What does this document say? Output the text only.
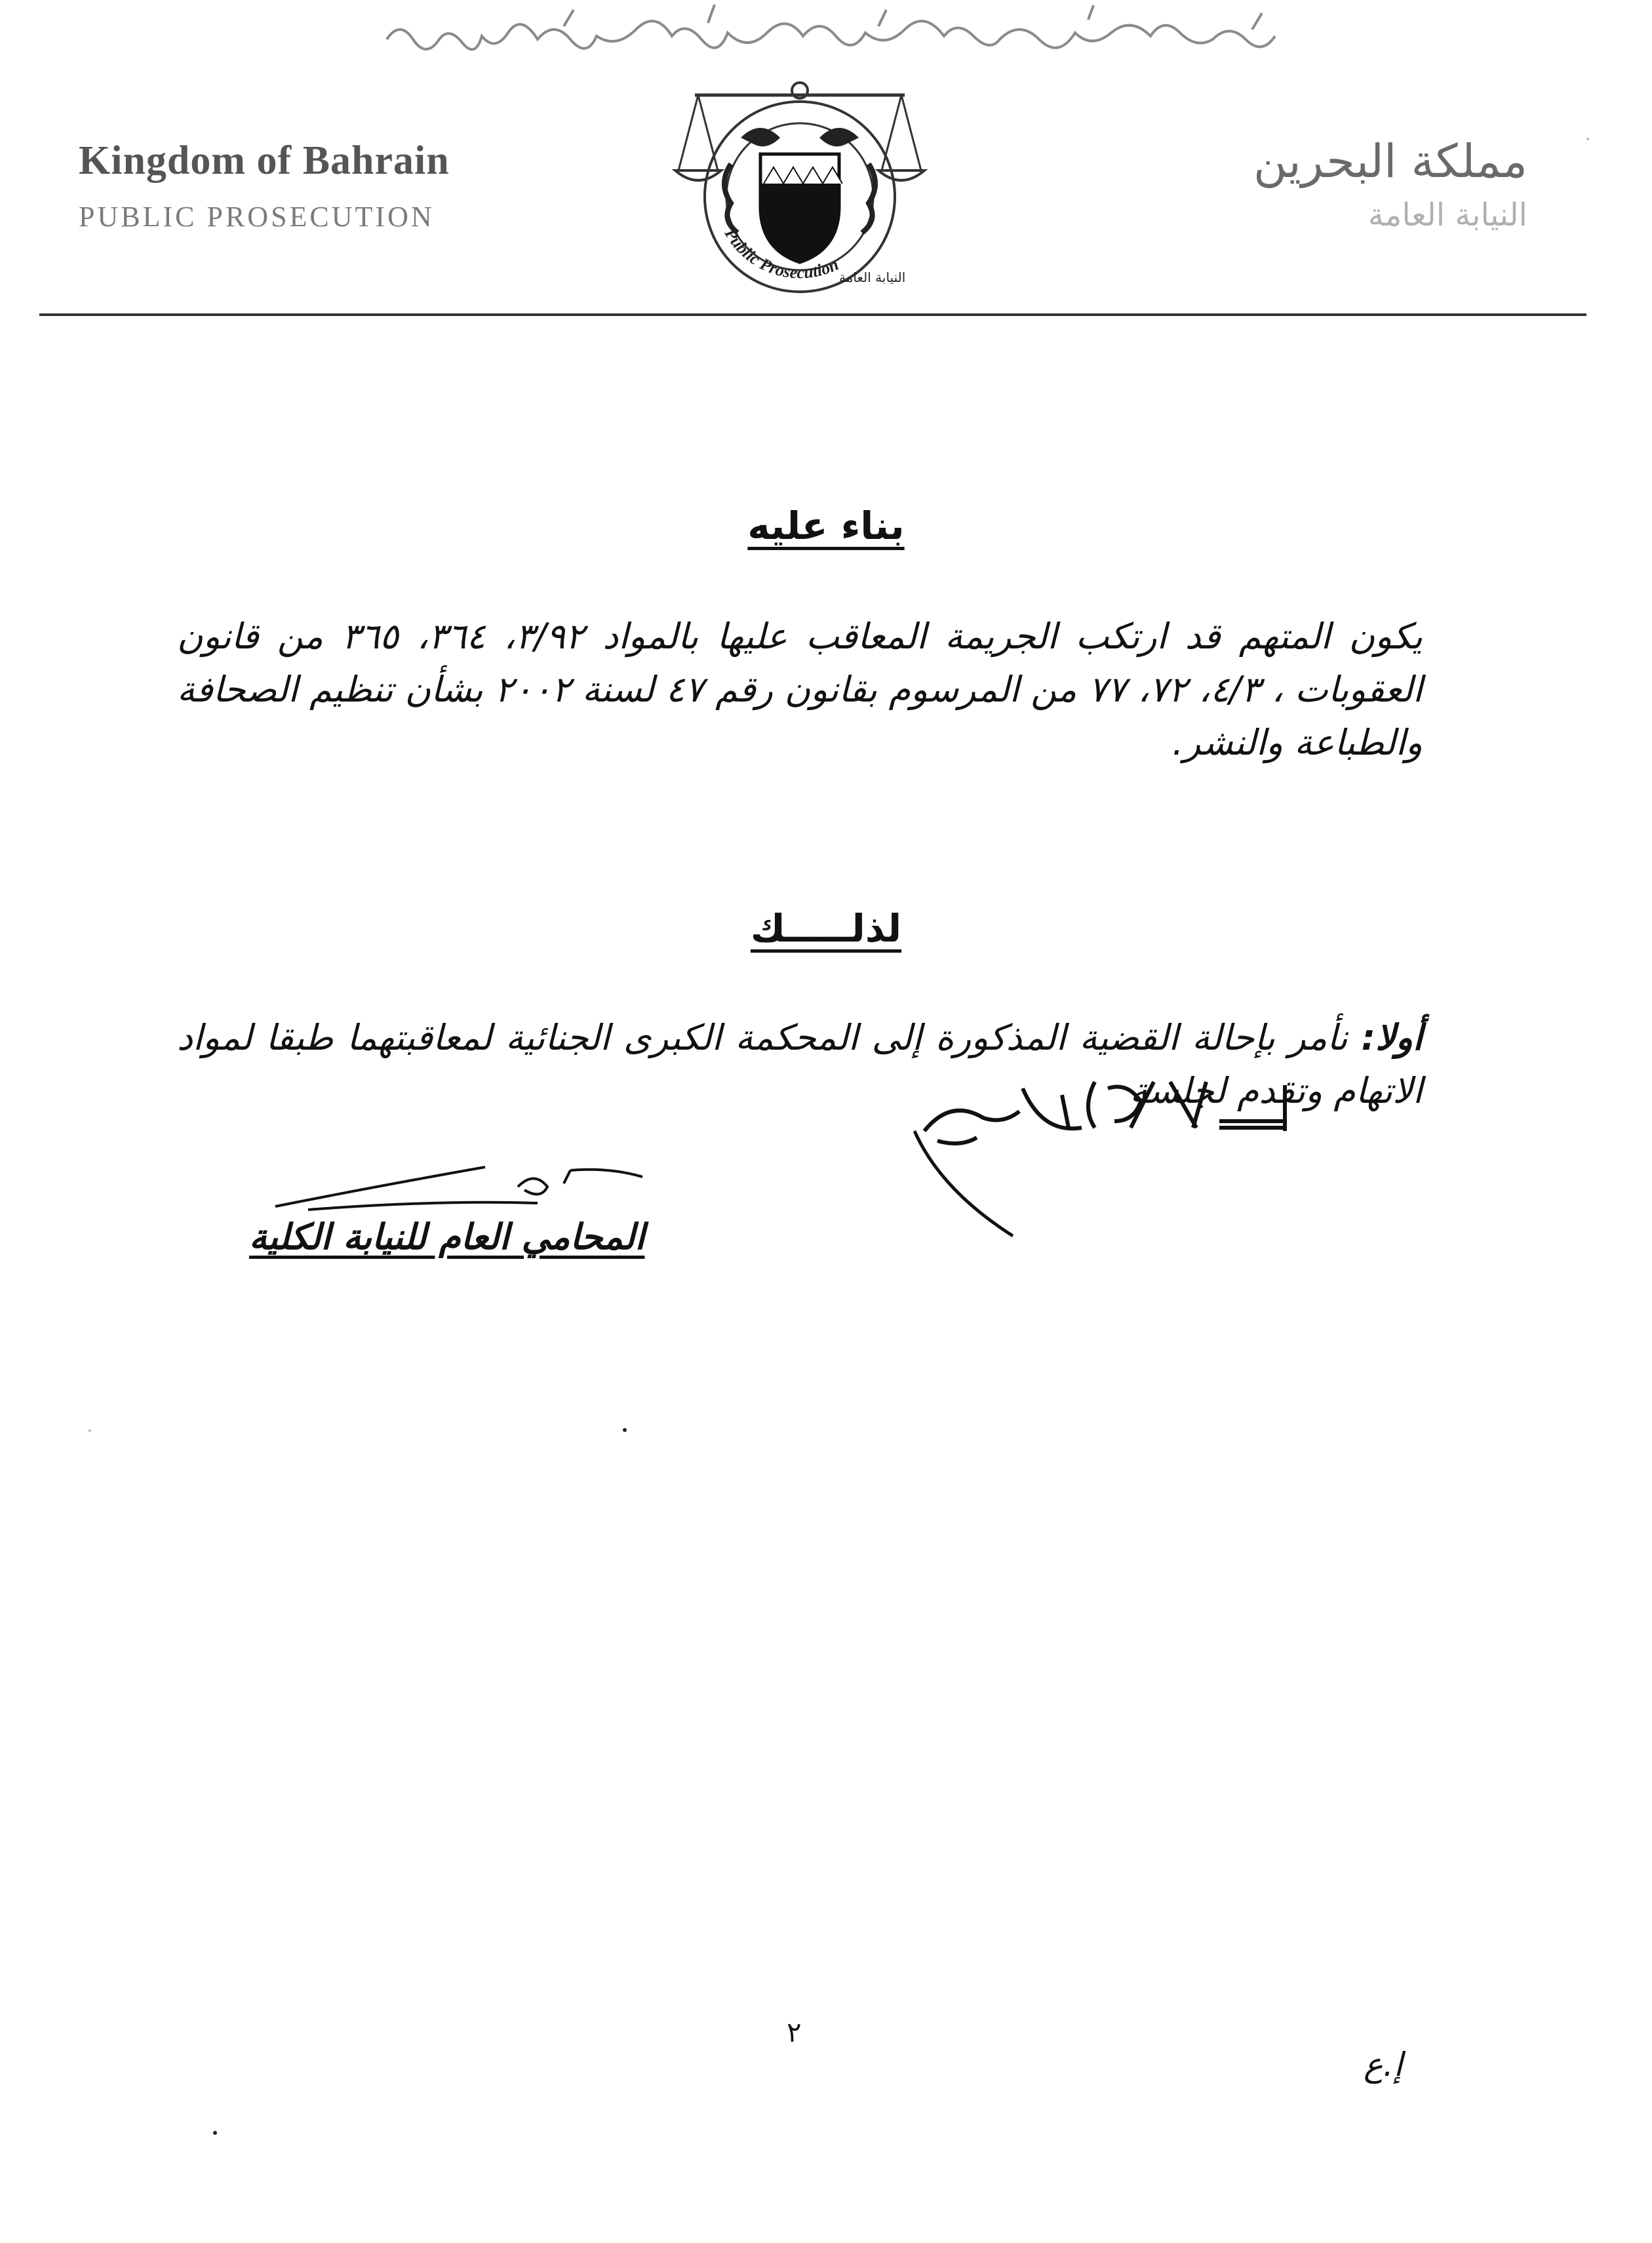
Kingdom of Bahrain
PUBLIC PROSECUTION
مملكة البحرين
النيابة العامة
Public Prosecution
النيابة العامة
بناء عليه
يكون المتهم قد ارتكب الجريمة المعاقب عليها بالمواد ٣/٩٢، ٣٦٤، ٣٦٥ من قانون العقوبات ، ٤/٣، ٧٢، ٧٧ من المرسوم بقانون رقم ٤٧ لسنة ٢٠٠٢ بشأن تنظيم الصحافة والطباعة والنشر.
لذلـــــك
أولا: نأمر بإحالة القضية المذكورة إلى المحكمة الكبرى الجنائية لمعاقبتهما طبقا لمواد الاتهام وتقدم لجلسة
المحامي العام للنيابة الكلية
٢
إ.ع
